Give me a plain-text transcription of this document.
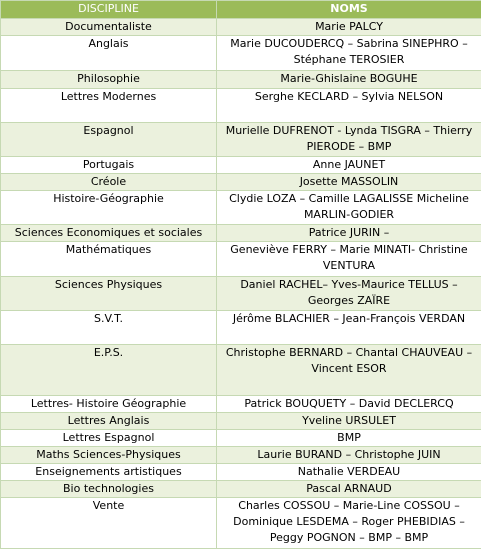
DISCIPLINE	NOMS
Documentaliste	Marie PALCY
Anglais	Marie DUCOUDERCQ – Sabrina SINEPHRO – Stéphane TEROSIER
Philosophie	Marie-Ghislaine BOGUHE
Lettres Modernes	Serghe KECLARD – Sylvia NELSON
Espagnol	Murielle DUFRENOT - Lynda TISGRA – Thierry PIERODE – BMP
Portugais	Anne JAUNET
Créole	Josette MASSOLIN
Histoire-Géographie	Clydie LOZA – Camille LAGALISSE Micheline MARLIN-GODIER
Sciences Economiques et sociales	Patrice JURIN –
Mathématiques	Geneviève FERRY – Marie MINATI- Christine VENTURA
Sciences Physiques	Daniel RACHEL– Yves-Maurice TELLUS – Georges ZAÏRE
S.V.T.	Jérôme BLACHIER – Jean-François VERDAN
E.P.S.	Christophe BERNARD – Chantal CHAUVEAU – Vincent ESOR
Lettres- Histoire Géographie	Patrick BOUQUETY – David DECLERCQ
Lettres Anglais	Yveline URSULET
Lettres Espagnol	BMP
Maths Sciences-Physiques	Laurie BURAND – Christophe JUIN
Enseignements artistiques	Nathalie VERDEAU
Bio technologies	Pascal ARNAUD
Vente	Charles COSSOU – Marie-Line COSSOU – Dominique LESDEMA – Roger PHEBIDIAS – Peggy POGNON – BMP – BMP
